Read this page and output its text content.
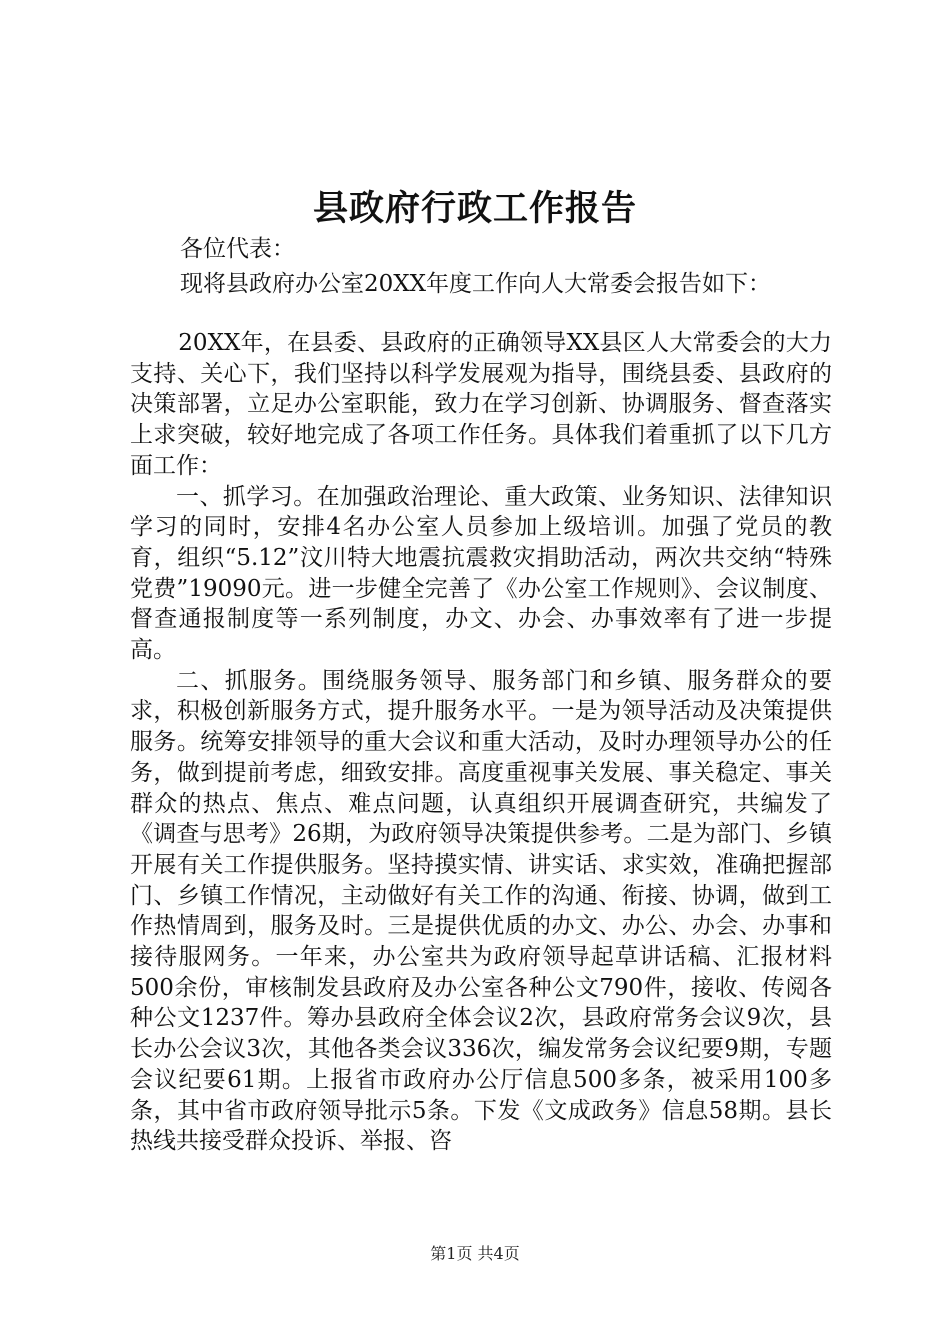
县政府行政工作报告

各位代表：

现将县政府办公室20XX年度工作向人大常委会报告如下：

20XX年，在县委、县政府的正确领导XX县区人大常委会的大力支持、关心下，我们坚持以科学发展观为指导，围绕县委、县政府的决策部署，立足办公室职能，致力在学习创新、协调服务、督查落实上求突破，较好地完成了各项工作任务。具体我们着重抓了以下几方面工作：

一、抓学习。在加强政治理论、重大政策、业务知识、法律知识学习的同时，安排4名办公室人员参加上级培训。加强了党员的教育，组织“5.12”汶川特大地震抗震救灾捐助活动，两次共交纳“特殊党费”19090元。进一步健全完善了《办公室工作规则》、会议制度、督查通报制度等一系列制度，办文、办会、办事效率有了进一步提高。

二、抓服务。围绕服务领导、服务部门和乡镇、服务群众的要求，积极创新服务方式，提升服务水平。一是为领导活动及决策提供服务。统筹安排领导的重大会议和重大活动，及时办理领导办公的任务，做到提前考虑，细致安排。高度重视事关发展、事关稳定、事关群众的热点、焦点、难点问题，认真组织开展调查研究，共编发了《调查与思考》26期，为政府领导决策提供参考。二是为部门、乡镇开展有关工作提供服务。坚持摸实情、讲实话、求实效，准确把握部门、乡镇工作情况，主动做好有关工作的沟通、衔接、协调，做到工作热情周到，服务及时。三是提供优质的办文、办公、办会、办事和接待服网务。一年来，办公室共为政府领导起草讲话稿、汇报材料500余份，审核制发县政府及办公室各种公文790件，接收、传阅各种公文1237件。筹办县政府全体会议2次，县政府常务会议9次，县长办公会议3次，其他各类会议336次，编发常务会议纪要9期，专题会议纪要61期。上报省市政府办公厅信息500多条，被采用100多条，其中省市政府领导批示5条。下发《文成政务》信息58期。县长热线共接受群众投诉、举报、咨

第1页 共4页
